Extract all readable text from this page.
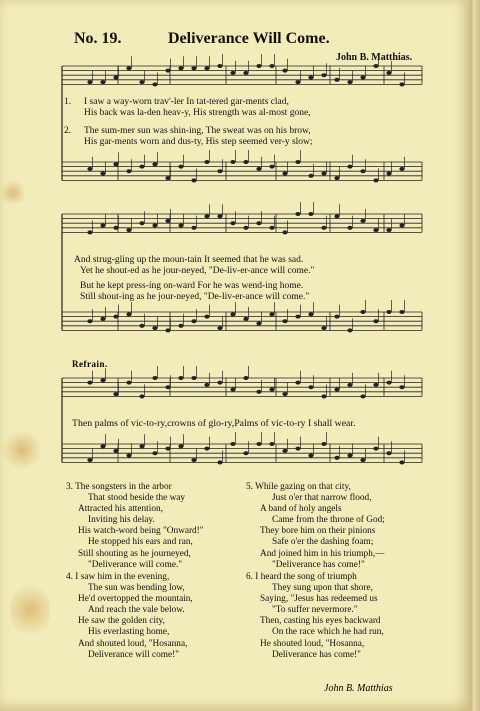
No. 19.	Deliverance Will Come.
John B. Matthias.
1. I saw a way-worn trav'-ler In tat-tered gar-ments clad,
His back was la-den heav-y, His strength was al-most gone,
2. The sum-mer sun was shin-ing, The sweat was on his brow,
His gar-ments worn and dus-ty, His step seemed ver-y slow;
And strug-gling up the moun-tain It seemed that he was sad.
Yet he shout-ed as he jour-neyed, "De-liv-er-ance will come."
But he kept press-ing on-ward For he was wend-ing home.
Still shout-ing as he jour-neyed, "De-liv-er-ance will come."
Refrain.
Then palms of vic-to-ry,crowns of glo-ry,Palms of vic-to-ry I shall wear.
3. The songsters in the arbor
That stood beside the way
Attracted his attention,
Inviting his delay.
His watch-word being "Onward!"
He stopped his ears and ran,
Still shouting as he journeyed,
"Deliverance will come."
4. I saw him in the evening,
The sun was bending low,
He'd overtopped the mountain,
And reach the vale below.
He saw the golden city,
His everlasting home,
And shouted loud, "Hosanna,
Deliverance will come!"
5. While gazing on that city,
Just o'er that narrow flood,
A band of holy angels
Came from the throne of God;
They bore him on their pinions
Safe o'er the dashing foam;
And joined him in his triumph,—
"Deliverance has come!"
6. I heard the song of triumph
They sung upon that shore,
Saying, "Jesus has redeemed us
"To suffer nevermore."
Then, casting his eyes backward
On the race which he had run,
He shouted loud, "Hosanna,
Deliverance has come!"
John B. Matthias
